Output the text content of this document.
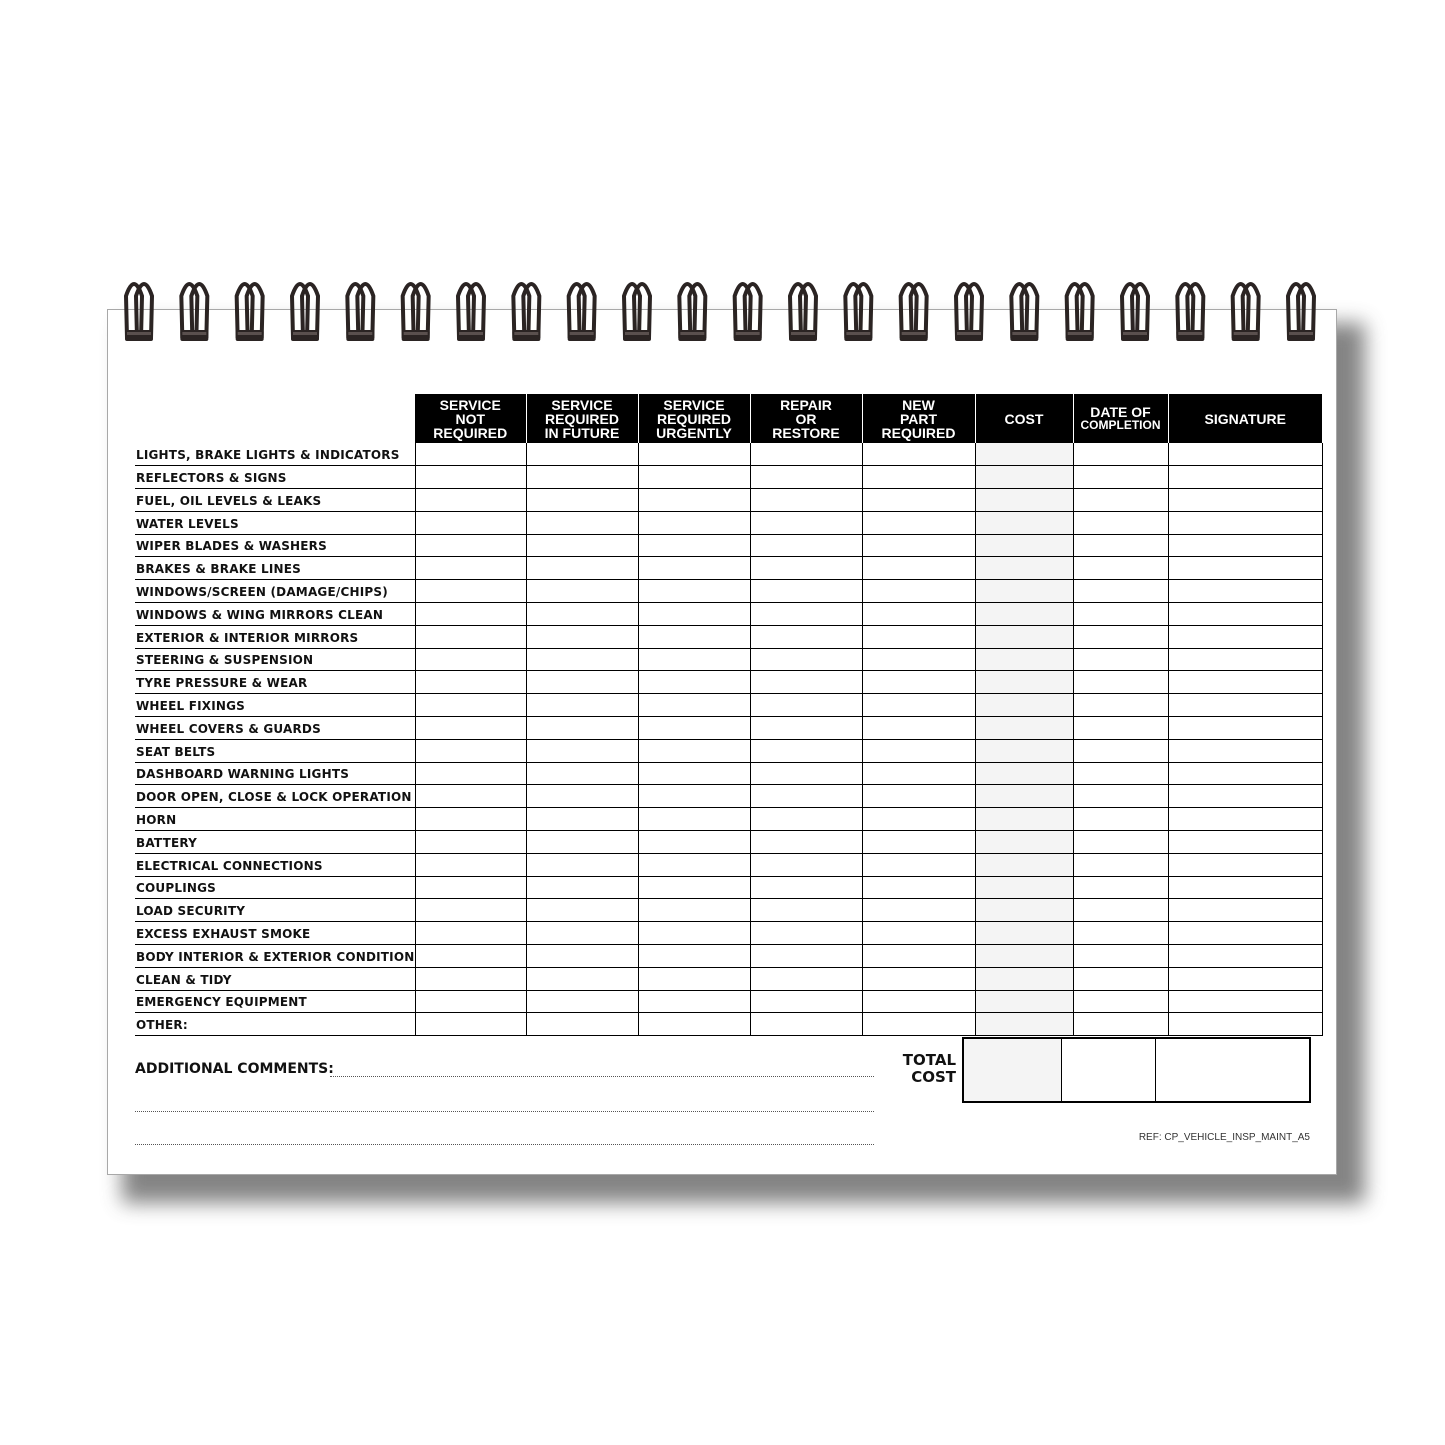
	SERVICE
NOT
REQUIRED	SERVICE
REQUIRED
IN FUTURE	SERVICE
REQUIRED
URGENTLY	REPAIR
OR
RESTORE	NEW
PART
REQUIRED	COST	DATE OF
COMPLETION	SIGNATURE

LIGHTS, BRAKE LIGHTS & INDICATORS								
REFLECTORS & SIGNS								
FUEL, OIL LEVELS & LEAKS								
WATER LEVELS								
WIPER BLADES & WASHERS								
BRAKES & BRAKE LINES								
WINDOWS/SCREEN (DAMAGE/CHIPS)								
WINDOWS & WING MIRRORS CLEAN								
EXTERIOR & INTERIOR MIRRORS								
STEERING & SUSPENSION								
TYRE PRESSURE & WEAR								
WHEEL FIXINGS								
WHEEL COVERS & GUARDS								
SEAT BELTS								
DASHBOARD WARNING LIGHTS								
DOOR OPEN, CLOSE & LOCK OPERATION								
HORN								
BATTERY								
ELECTRICAL CONNECTIONS								
COUPLINGS								
LOAD SECURITY								
EXCESS EXHAUST SMOKE								
BODY INTERIOR & EXTERIOR CONDITION								
CLEAN & TIDY								
EMERGENCY EQUIPMENT								
OTHER:								
ADDITIONAL COMMENTS:	TOTAL
COST
REF: CP_VEHICLE_INSP_MAINT_A5
